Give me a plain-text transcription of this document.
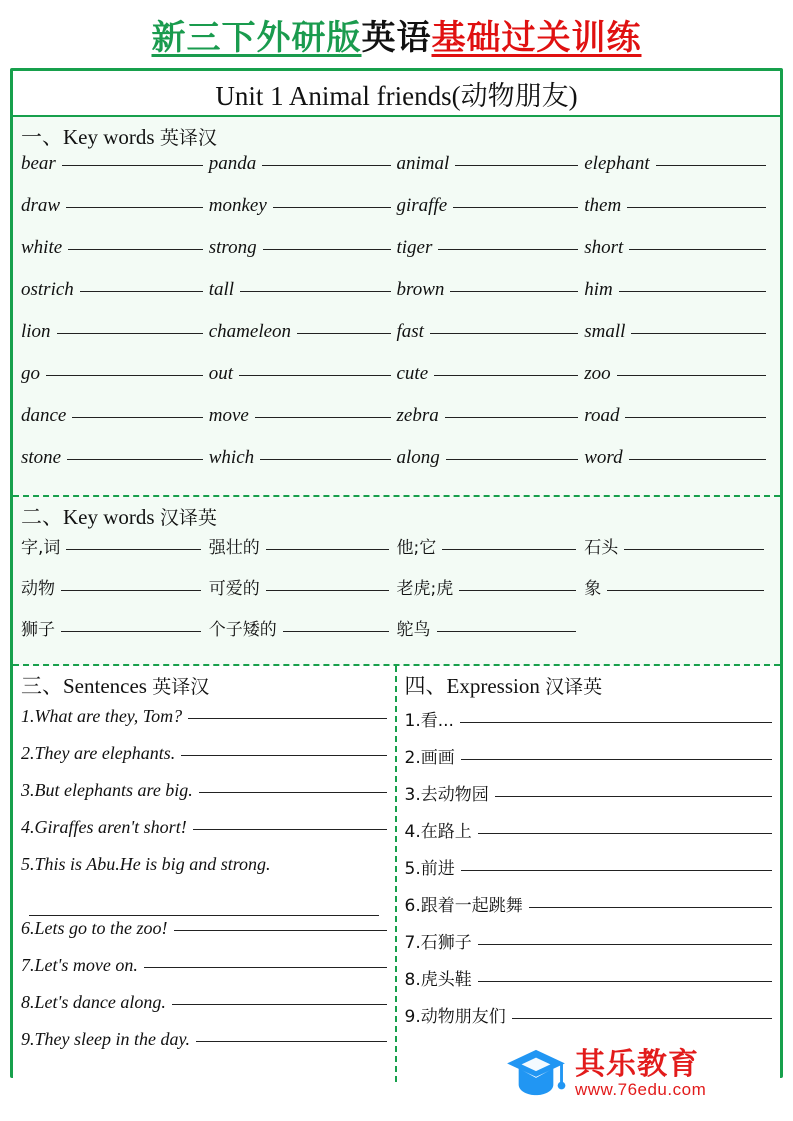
新三下外研版 英语 基础过关训练
Unit 1 Animal friends(动物朋友)
一、Key words 英译汉
bear	panda	animal	elephant
draw	monkey	giraffe	them
white	strong	tiger	short
ostrich	tall	brown	him
lion	chameleon	fast	small
go	out	cute	zoo
dance	move	zebra	road
stone	which	along	word
二、Key words 汉译英
字,词	强壮的	他;它	石头
动物	可爱的	老虎;虎	象
狮子	个子矮的	鸵鸟
三、Sentences 英译汉
1.What are they, Tom?
2.They are elephants.
3.But elephants are big.
4.Giraffes aren't short!
5.This is Abu.He is big and strong.
6.Lets go to the zoo!
7.Let's move on.
8.Let's dance along.
9.They sleep in the day.
四、Expression 汉译英
1.看...
2.画画
3.去动物园
4.在路上
5.前进
6.跟着一起跳舞
7.石狮子
8.虎头鞋
9.动物朋友们
其乐教育
www.76edu.com
